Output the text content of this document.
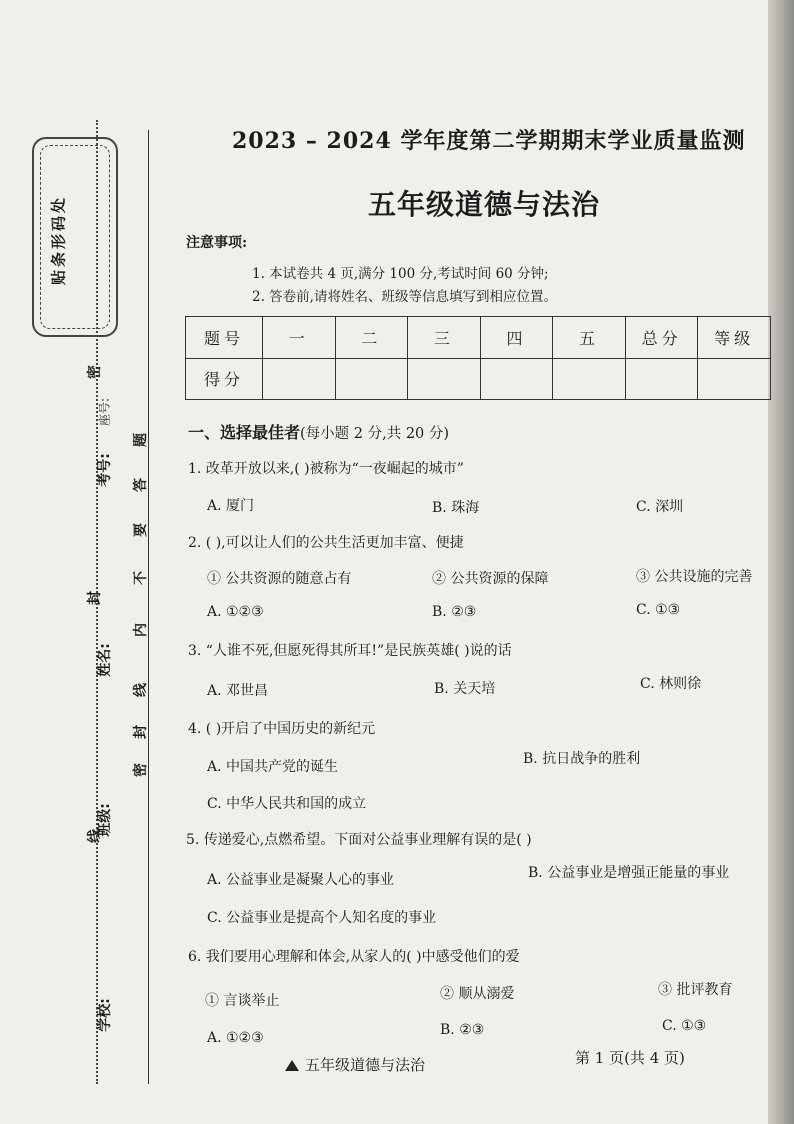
贴条形码处
密
封
线
考号:
姓名:
班级:
学校:
座号:
题
答
要
不
内
线
封
密
2023 – 2024 学年度第二学期期末学业质量监测
五年级道德与法治
注意事项:
1. 本试卷共 4 页,满分 100 分,考试时间 60 分钟;
2. 答卷前,请将姓名、班级等信息填写到相应位置。
题号	一	二	三	四	五	总分	等级
得分							
一、选择最佳者(每小题 2 分,共 20 分)
1. 改革开放以来,( )被称为“一夜崛起的城市”
A. 厦门	B. 珠海	C. 深圳
2. ( ),可以让人们的公共生活更加丰富、便捷
① 公共资源的随意占有	② 公共资源的保障	③ 公共设施的完善
A. ①②③	B. ②③	C. ①③
3. “人谁不死,但愿死得其所耳!”是民族英雄( )说的话
A. 邓世昌	B. 关天培	C. 林则徐
4. ( )开启了中国历史的新纪元
A. 中国共产党的诞生	B. 抗日战争的胜利
C. 中华人民共和国的成立
5. 传递爱心,点燃希望。下面对公益事业理解有误的是( )
A. 公益事业是凝聚人心的事业	B. 公益事业是增强正能量的事业
C. 公益事业是提高个人知名度的事业
6. 我们要用心理解和体会,从家人的( )中感受他们的爱
① 言谈举止	② 顺从溺爱	③ 批评教育
A. ①②③	B. ②③	C. ①③
五年级道德与法治	第 1 页(共 4 页)
